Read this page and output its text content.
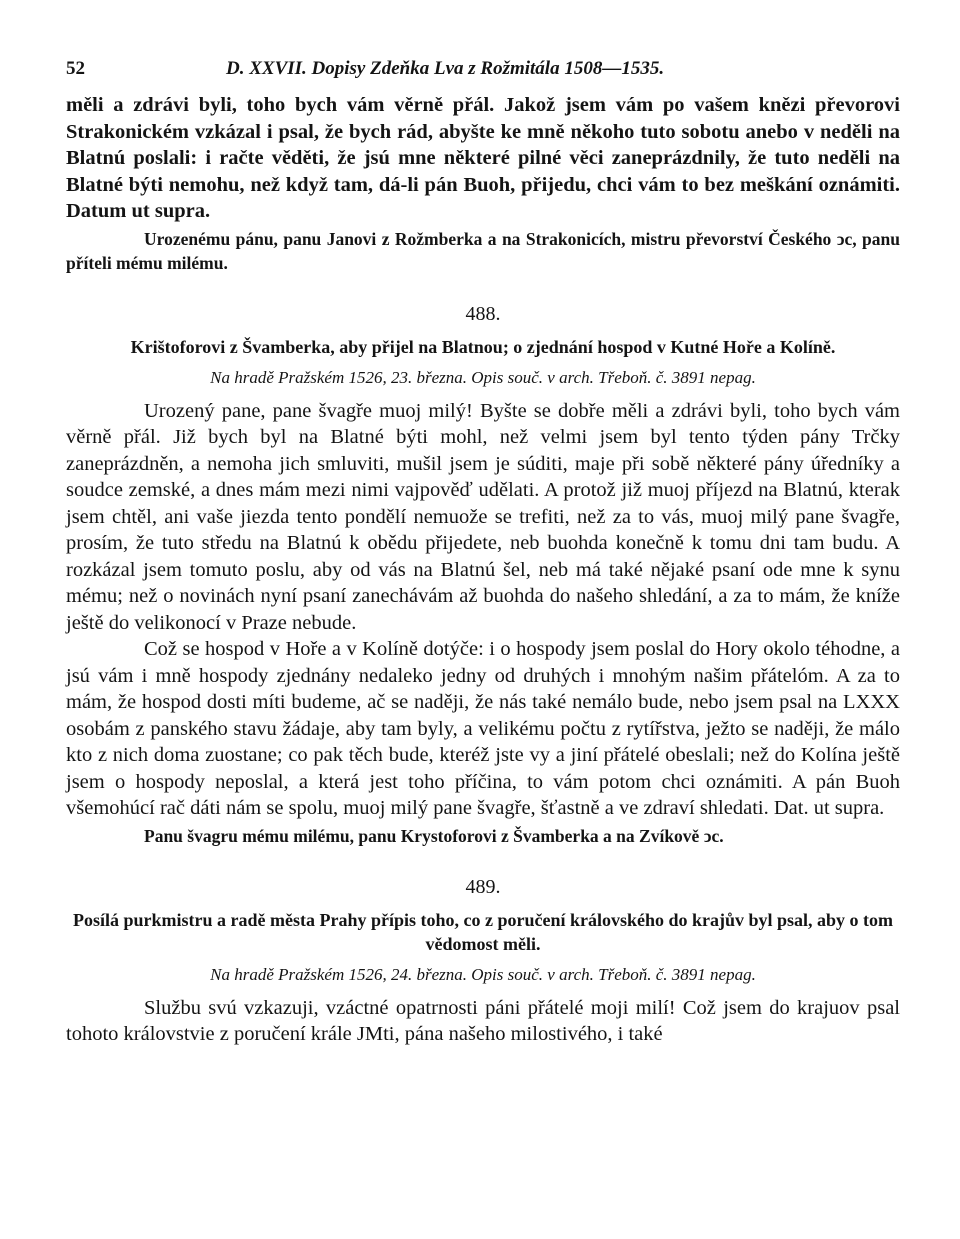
52	D. XXVII. Dopisy Zdeňka Lva z Rožmitála 1508—1535.

měli a zdrávi byli, toho bych vám věrně přál. Jakož jsem vám po vašem knězi převorovi Strakonickém vzkázal i psal, že bych rád, abyšte ke mně někoho tuto sobotu anebo v neděli na Blatnú poslali: i račte věděti, že jsú mne některé pilné věci zaneprázdnily, že tuto neděli na Blatné býti nemohu, než když tam, dá-li pán Buoh, přijedu, chci vám to bez meškání oznámiti. Datum ut supra.

Urozenému pánu, panu Janovi z Rožmberka a na Strakonicích, mistru převorství Českého ↄc, panu příteli mému milému.

488.

Krištoforovi z Švamberka, aby přijel na Blatnou; o zjednání hospod v Kutné Hoře a Kolíně.

Na hradě Pražském 1526, 23. března. Opis souč. v arch. Třeboň. č. 3891 nepag.

Urozený pane, pane švagře muoj milý! Byšte se dobře měli a zdrávi byli, toho bych vám věrně přál. Již bych byl na Blatné býti mohl, než velmi jsem byl tento týden pány Trčky zaneprázdněn, a nemoha jich smluviti, mušil jsem je súditi, maje při sobě některé pány úředníky a soudce zemské, a dnes mám mezi nimi vajpověď udělati. A protož již muoj příjezd na Blatnú, kterak jsem chtěl, ani vaše jiezda tento pondělí nemuože se trefiti, než za to vás, muoj milý pane švagře, prosím, že tuto středu na Blatnú k obědu přijedete, neb buohda konečně k tomu dni tam budu. A rozkázal jsem tomuto poslu, aby od vás na Blatnú šel, neb má také nějaké psaní ode mne k synu mému; než o novinách nyní psaní zanechávám až buohda do našeho shledání, a za to mám, že kníže ještě do velikonocí v Praze nebude.

Což se hospod v Hoře a v Kolíně dotýče: i o hospody jsem poslal do Hory okolo téhodne, a jsú vám i mně hospody zjednány nedaleko jedny od druhých i mnohým našim přátelóm. A za to mám, že hospod dosti míti budeme, ač se naději, že nás také nemálo bude, nebo jsem psal na LXXX osobám z panského stavu žádaje, aby tam byly, a velikému počtu z rytířstva, ježto se naději, že málo kto z nich doma zuostane; co pak těch bude, kteréž jste vy a jiní přátelé obeslali; než do Kolína ještě jsem o hospody neposlal, a která jest toho příčina, to vám potom chci oznámiti. A pán Buoh všemohúcí rač dáti nám se spolu, muoj milý pane švagře, šťastně a ve zdraví shledati. Dat. ut supra.

Panu švagru mému milému, panu Krystoforovi z Švamberka a na Zvíkově ↄc.

489.

Posílá purkmistru a radě města Prahy přípis toho, co z poručení královského do krajův byl psal, aby o tom vědomost měli.

Na hradě Pražském 1526, 24. března. Opis souč. v arch. Třeboň. č. 3891 nepag.

Službu svú vzkazuji, vzáctné opatrnosti páni přátelé moji milí! Což jsem do krajuov psal tohoto královstvie z poručení krále JMti, pána našeho milostivého, i také
